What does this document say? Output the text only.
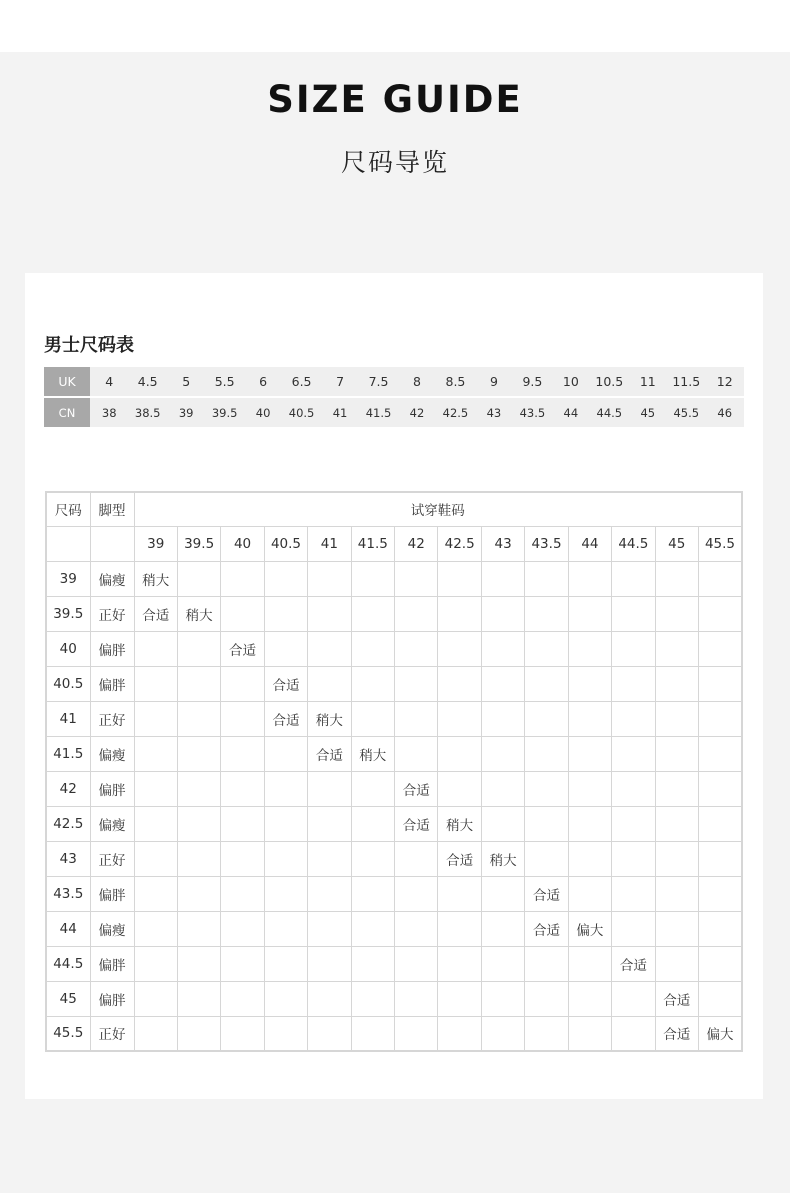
SIZE GUIDE
尺码导览
男士尺码表
UK	4	4.5	5	5.5	6	6.5	7	7.5	8	8.5	9	9.5	10	10.5	11	11.5	12
CN	38	38.5	39	39.5	40	40.5	41	41.5	42	42.5	43	43.5	44	44.5	45	45.5	46
尺码	脚型	试穿鞋码													
		39	39.5	40	40.5	41	41.5	42	42.5	43	43.5	44	44.5	45	45.5
39	偏瘦	稍大													
39.5	正好	合适	稍大												
40	偏胖			合适											
40.5	偏胖				合适										
41	正好				合适	稍大									
41.5	偏瘦					合适	稍大								
42	偏胖							合适							
42.5	偏瘦							合适	稍大						
43	正好								合适	稍大					
43.5	偏胖										合适				
44	偏瘦										合适	偏大			
44.5	偏胖												合适		
45	偏胖													合适	
45.5	正好													合适	偏大
